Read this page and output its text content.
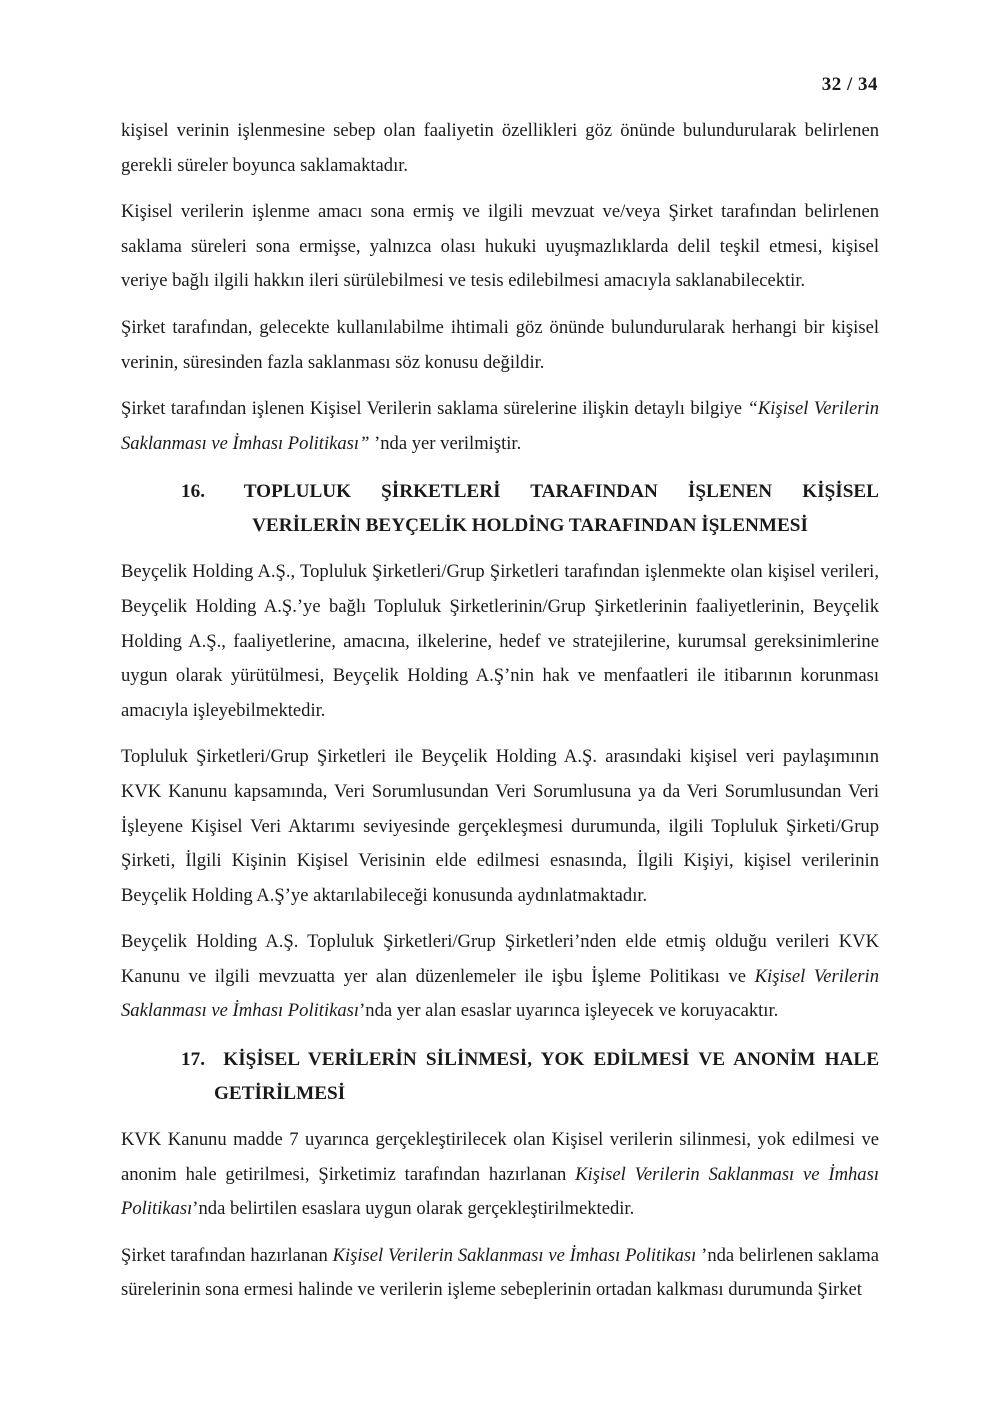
32 / 34

kişisel verinin işlenmesine sebep olan faaliyetin özellikleri göz önünde bulundurularak belirlenen gerekli süreler boyunca saklamaktadır.

Kişisel verilerin işlenme amacı sona ermiş ve ilgili mevzuat ve/veya Şirket tarafından belirlenen saklama süreleri sona ermişse, yalnızca olası hukuki uyuşmazlıklarda delil teşkil etmesi, kişisel veriye bağlı ilgili hakkın ileri sürülebilmesi ve tesis edilebilmesi amacıyla saklanabilecektir.

Şirket tarafından, gelecekte kullanılabilme ihtimali göz önünde bulundurularak herhangi bir kişisel verinin, süresinden fazla saklanması söz konusu değildir.

Şirket tarafından işlenen Kişisel Verilerin saklama sürelerine ilişkin detaylı bilgiye “Kişisel Verilerin Saklanması ve İmhası Politikası” ’nda yer verilmiştir.

16. TOPLULUK ŞİRKETLERİ TARAFINDAN İŞLENEN KİŞİSEL
VERİLERİN BEYÇELİK HOLDİNG TARAFINDAN İŞLENMESİ

Beyçelik Holding A.Ş., Topluluk Şirketleri/Grup Şirketleri tarafından işlenmekte olan kişisel verileri, Beyçelik Holding A.Ş.’ye bağlı Topluluk Şirketlerinin/Grup Şirketlerinin faaliyetlerinin, Beyçelik Holding A.Ş., faaliyetlerine, amacına, ilkelerine, hedef ve stratejilerine, kurumsal gereksinimlerine uygun olarak yürütülmesi, Beyçelik Holding A.Ş’nin hak ve menfaatleri ile itibarının korunması amacıyla işleyebilmektedir.

Topluluk Şirketleri/Grup Şirketleri ile Beyçelik Holding A.Ş. arasındaki kişisel veri paylaşımının KVK Kanunu kapsamında, Veri Sorumlusundan Veri Sorumlusuna ya da Veri Sorumlusundan Veri İşleyene Kişisel Veri Aktarımı seviyesinde gerçekleşmesi durumunda, ilgili Topluluk Şirketi/Grup Şirketi, İlgili Kişinin Kişisel Verisinin elde edilmesi esnasında, İlgili Kişiyi, kişisel verilerinin Beyçelik Holding A.Ş’ye aktarılabileceği konusunda aydınlatmaktadır.

Beyçelik Holding A.Ş. Topluluk Şirketleri/Grup Şirketleri’nden elde etmiş olduğu verileri KVK Kanunu ve ilgili mevzuatta yer alan düzenlemeler ile işbu İşleme Politikası ve Kişisel Verilerin Saklanması ve İmhası Politikası’nda yer alan esaslar uyarınca işleyecek ve koruyacaktır.

17. KİŞİSEL VERİLERİN SİLİNMESİ, YOK EDİLMESİ VE ANONİM HALE
GETİRİLMESİ

KVK Kanunu madde 7 uyarınca gerçekleştirilecek olan Kişisel verilerin silinmesi, yok edilmesi ve anonim hale getirilmesi, Şirketimiz tarafından hazırlanan Kişisel Verilerin Saklanması ve İmhası Politikası’nda belirtilen esaslara uygun olarak gerçekleştirilmektedir.

Şirket tarafından hazırlanan Kişisel Verilerin Saklanması ve İmhası Politikası ’nda belirlenen saklama sürelerinin sona ermesi halinde ve verilerin işleme sebeplerinin ortadan kalkması durumunda Şirket
